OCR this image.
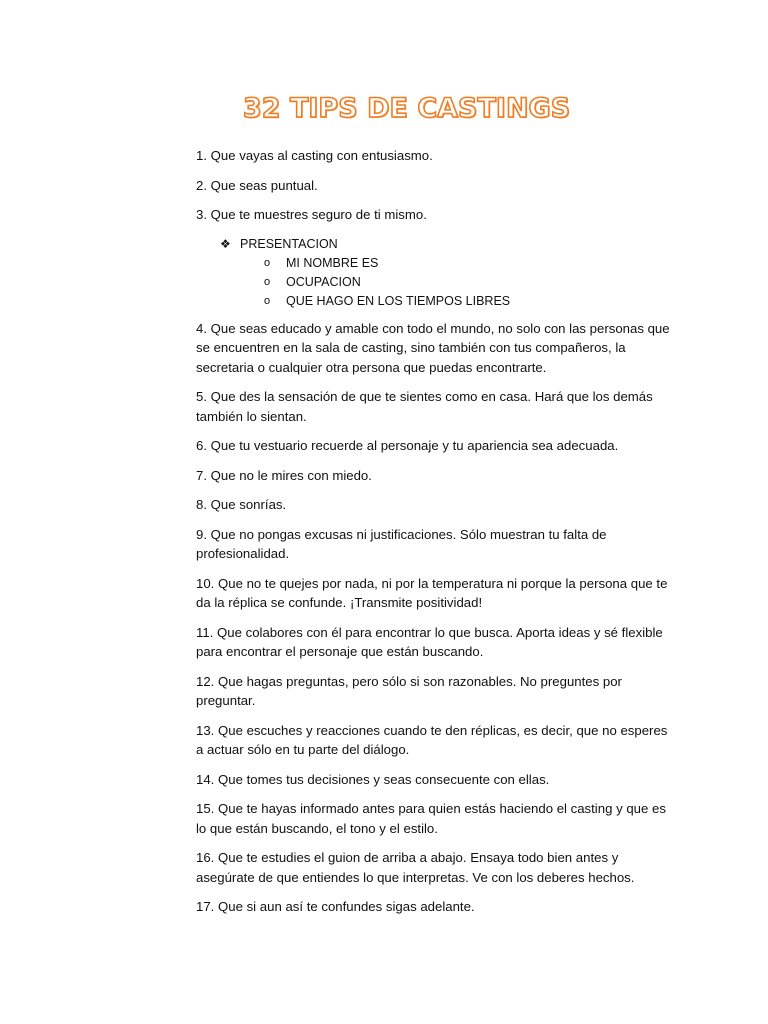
32 TIPS DE CASTINGS

1. Que vayas al casting con entusiasmo.

2. Que seas puntual.

3. Que te muestres seguro de ti mismo.

❖ PRESENTACION
o MI NOMBRE ES
o OCUPACION
o QUE HAGO EN LOS TIEMPOS LIBRES

4. Que seas educado y amable con todo el mundo, no solo con las personas que se encuentren en la sala de casting, sino también con tus compañeros, la secretaria o cualquier otra persona que puedas encontrarte.

5. Que des la sensación de que te sientes como en casa. Hará que los demás también lo sientan.

6. Que tu vestuario recuerde al personaje y tu apariencia sea adecuada.

7. Que no le mires con miedo.

8. Que sonrías.

9. Que no pongas excusas ni justificaciones. Sólo muestran tu falta de profesionalidad.

10. Que no te quejes por nada, ni por la temperatura ni porque la persona que te da la réplica se confunde. ¡Transmite positividad!

11. Que colabores con él para encontrar lo que busca. Aporta ideas y sé flexible para encontrar el personaje que están buscando.

12. Que hagas preguntas, pero sólo si son razonables. No preguntes por preguntar.

13. Que escuches y reacciones cuando te den réplicas, es decir, que no esperes a actuar sólo en tu parte del diálogo.

14. Que tomes tus decisiones y seas consecuente con ellas.

15. Que te hayas informado antes para quien estás haciendo el casting y que es lo que están buscando, el tono y el estilo.

16. Que te estudies el guion de arriba a abajo. Ensaya todo bien antes y asegúrate de que entiendes lo que interpretas. Ve con los deberes hechos.

17. Que si aun así te confundes sigas adelante.
